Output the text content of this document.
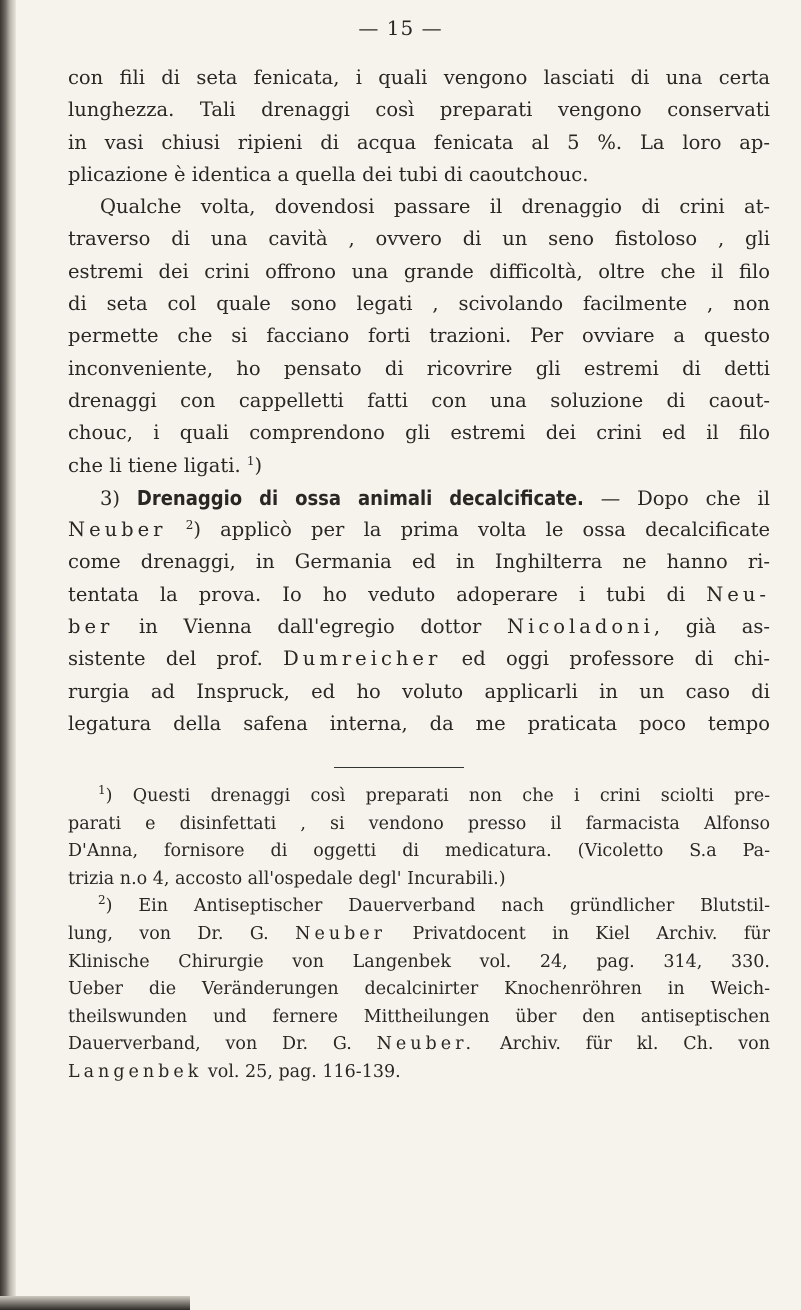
— 15 —
con fili di seta fenicata, i quali vengono lasciati di una certa
lunghezza. Tali drenaggi così preparati vengono conservati
in vasi chiusi ripieni di acqua fenicata al 5 %. La loro ap-
plicazione è identica a quella dei tubi di caoutchouc.
Qualche volta, dovendosi passare il drenaggio di crini at-
traverso di una cavità , ovvero di un seno fistoloso , gli
estremi dei crini offrono una grande difficoltà, oltre che il filo
di seta col quale sono legati , scivolando facilmente , non
permette che si facciano forti trazioni. Per ovviare a questo
inconveniente, ho pensato di ricovrire gli estremi di detti
drenaggi con cappelletti fatti con una soluzione di caout-
chouc, i quali comprendono gli estremi dei crini ed il filo
che li tiene ligati. $^1$)
3) Drenaggio di ossa animali decalcificate. — Dopo che il
Neuber $^2$) applicò per la prima volta le ossa decalcificate
come drenaggi, in Germania ed in Inghilterra ne hanno ri-
tentata la prova. Io ho veduto adoperare i tubi di Neu-
ber in Vienna dall'egregio dottor Nicoladoni, già as-
sistente del prof. Dumreicher ed oggi professore di chi-
rurgia ad Inspruck, ed ho voluto applicarli in un caso di
legatura della safena interna, da me praticata poco tempo
$^1$) Questi drenaggi così preparati non che i crini sciolti pre-
parati e disinfettati , si vendono presso il farmacista Alfonso
D'Anna, fornisore di oggetti di medicatura. (Vicoletto S.a Pa-
trizia n.o 4, accosto all'ospedale degl' Incurabili.)
$^2$) Ein Antiseptischer Dauerverband nach gründlicher Blutstil-
lung, von Dr. G. Neuber Privatdocent in Kiel Archiv. für
Klinische Chirurgie von Langenbek vol. 24, pag. 314, 330.
Ueber die Veränderungen decalcinirter Knochenröhren in Weich-
theilswunden und fernere Mittheilungen über den antiseptischen
Dauerverband, von Dr. G. Neuber. Archiv. für kl. Ch. von
Langenbek vol. 25, pag. 116-139.
